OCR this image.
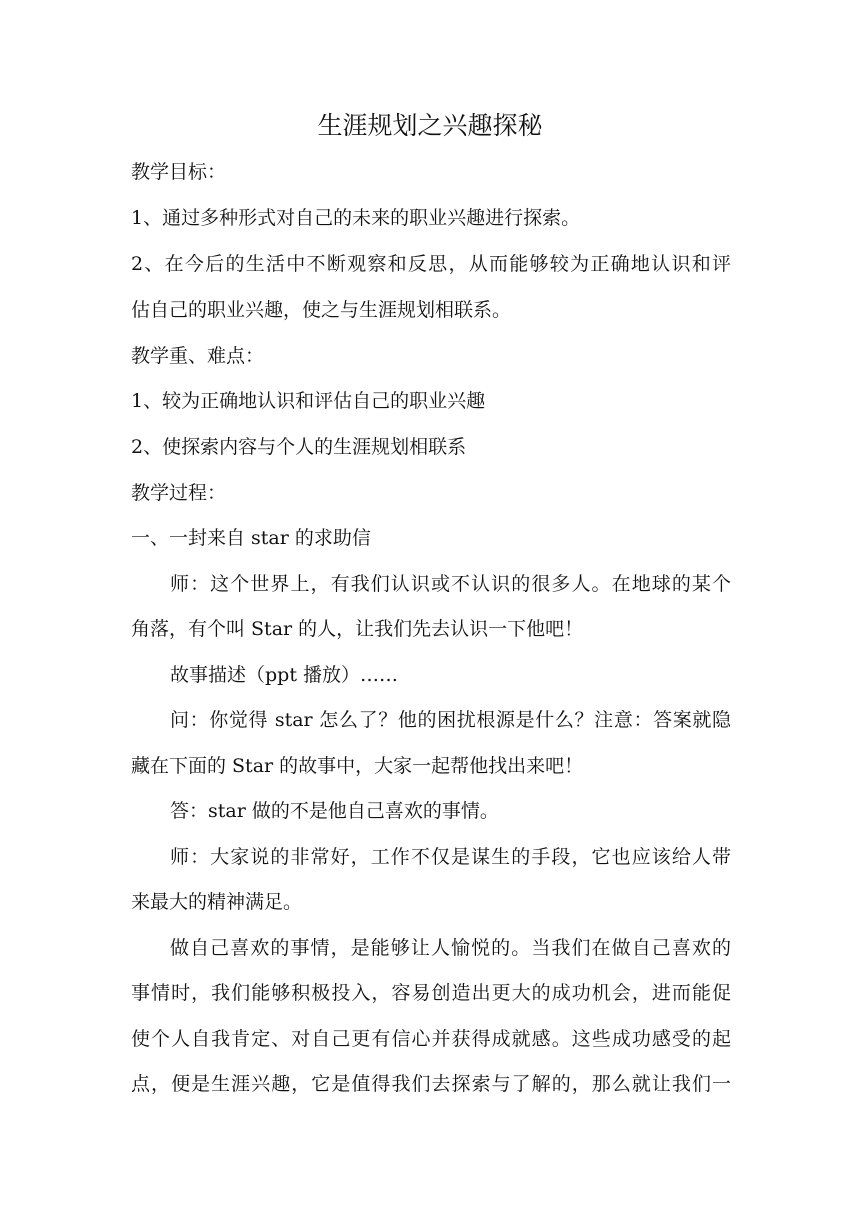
生涯规划之兴趣探秘
教学目标：
1、通过多种形式对自己的未来的职业兴趣进行探索。
2、在今后的生活中不断观察和反思，从而能够较为正确地认识和评
估自己的职业兴趣，使之与生涯规划相联系。
教学重、难点：
1、较为正确地认识和评估自己的职业兴趣
2、使探索内容与个人的生涯规划相联系
教学过程：
一、一封来自 star 的求助信
师：这个世界上，有我们认识或不认识的很多人。在地球的某个
角落，有个叫 Star 的人，让我们先去认识一下他吧！
故事描述（ppt 播放）……
问：你觉得 star 怎么了？他的困扰根源是什么？注意：答案就隐
藏在下面的 Star 的故事中，大家一起帮他找出来吧！
答：star 做的不是他自己喜欢的事情。
师：大家说的非常好，工作不仅是谋生的手段，它也应该给人带
来最大的精神满足。
做自己喜欢的事情，是能够让人愉悦的。当我们在做自己喜欢的
事情时，我们能够积极投入，容易创造出更大的成功机会，进而能促
使个人自我肯定、对自己更有信心并获得成就感。这些成功感受的起
点，便是生涯兴趣，它是值得我们去探索与了解的，那么就让我们一
